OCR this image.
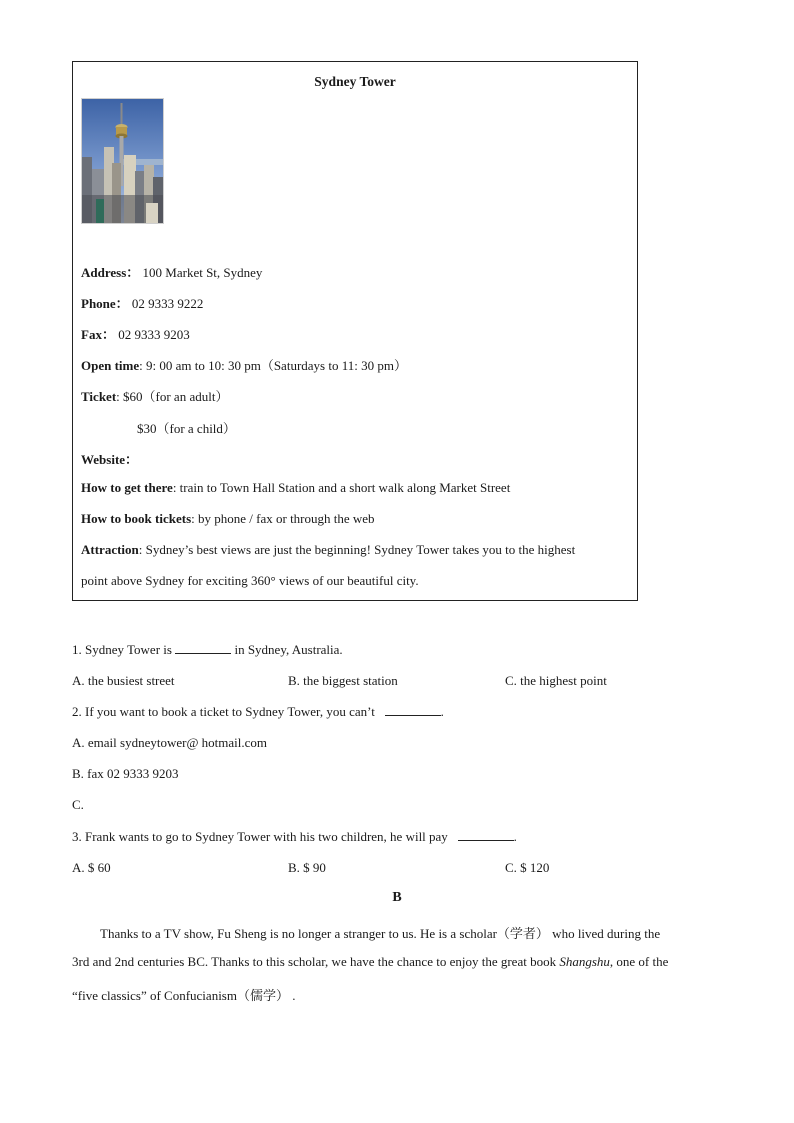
Sydney Tower
Address： 100 Market St, Sydney
Phone： 02 9333 9222
Fax： 02 9333 9203
Open time: 9: 00 am to 10: 30 pm（Saturdays to 11: 30 pm）
Ticket: $60（for an adult）
$30（for a child）
Website：
How to get there: train to Town Hall Station and a short walk along Market Street
How to book tickets: by phone / fax or through the web
Attraction: Sydney’s best views are just the beginning! Sydney Tower takes you to the highest
point above Sydney for exciting 360° views of our beautiful city.
1. Sydney Tower is	in Sydney, Australia.
A. the busiest street	B. the biggest station	C. the highest point
2. If you want to book a ticket to Sydney Tower, you can’t	.
A. email sydneytower@ hotmail.com
B. fax 02 9333 9203
C.
3. Frank wants to go to Sydney Tower with his two children, he will pay	.
A. $ 60	B. $ 90	C. $ 120
B
Thanks to a TV show, Fu Sheng is no longer a stranger to us. He is a scholar（学者） who lived during the
3rd and 2nd centuries BC. Thanks to this scholar, we have the chance to enjoy the great book Shangshu, one of the
“five classics” of Confucianism（儒学） .
